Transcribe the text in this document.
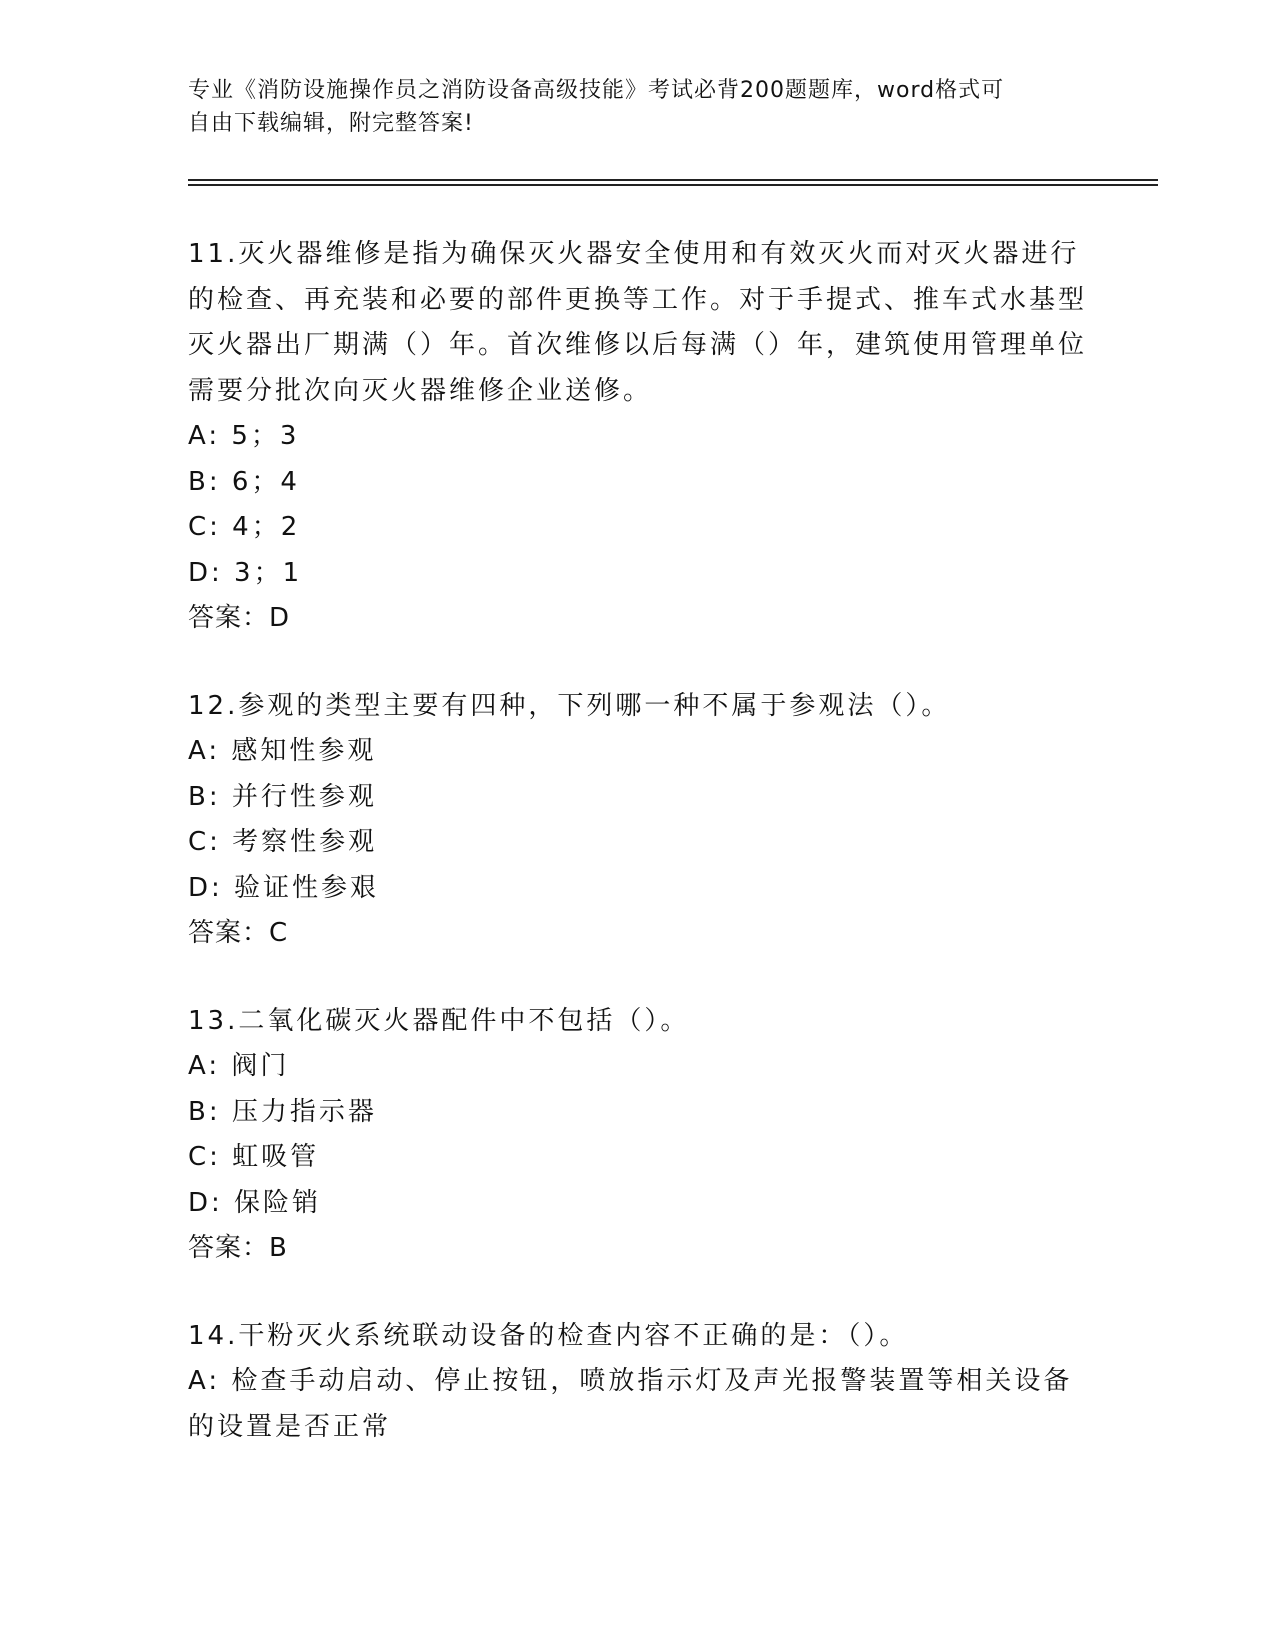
专业《消防设施操作员之消防设备高级技能》考试必背200题题库，word格式可
自由下载编辑，附完整答案!

11.灭火器维修是指为确保灭火器安全使用和有效灭火而对灭火器进行的检查、再充装和必要的部件更换等工作。对于手提式、推车式水基型灭火器出厂期满（）年。首次维修以后每满（）年，建筑使用管理单位需要分批次向灭火器维修企业送修。

A: 5；3

B: 6；4

C: 4；2

D: 3；1

答案：D

12.参观的类型主要有四种，下列哪一种不属于参观法（）。

A: 感知性参观

B: 并行性参观

C: 考察性参观

D: 验证性参艰

答案：C

13.二氧化碳灭火器配件中不包括（）。

A: 阀门

B: 压力指示器

C: 虹吸管

D: 保险销

答案：B

14.干粉灭火系统联动设备的检查内容不正确的是：（）。

A: 检查手动启动、停止按钮，喷放指示灯及声光报警装置等相关设备的设置是否正常
